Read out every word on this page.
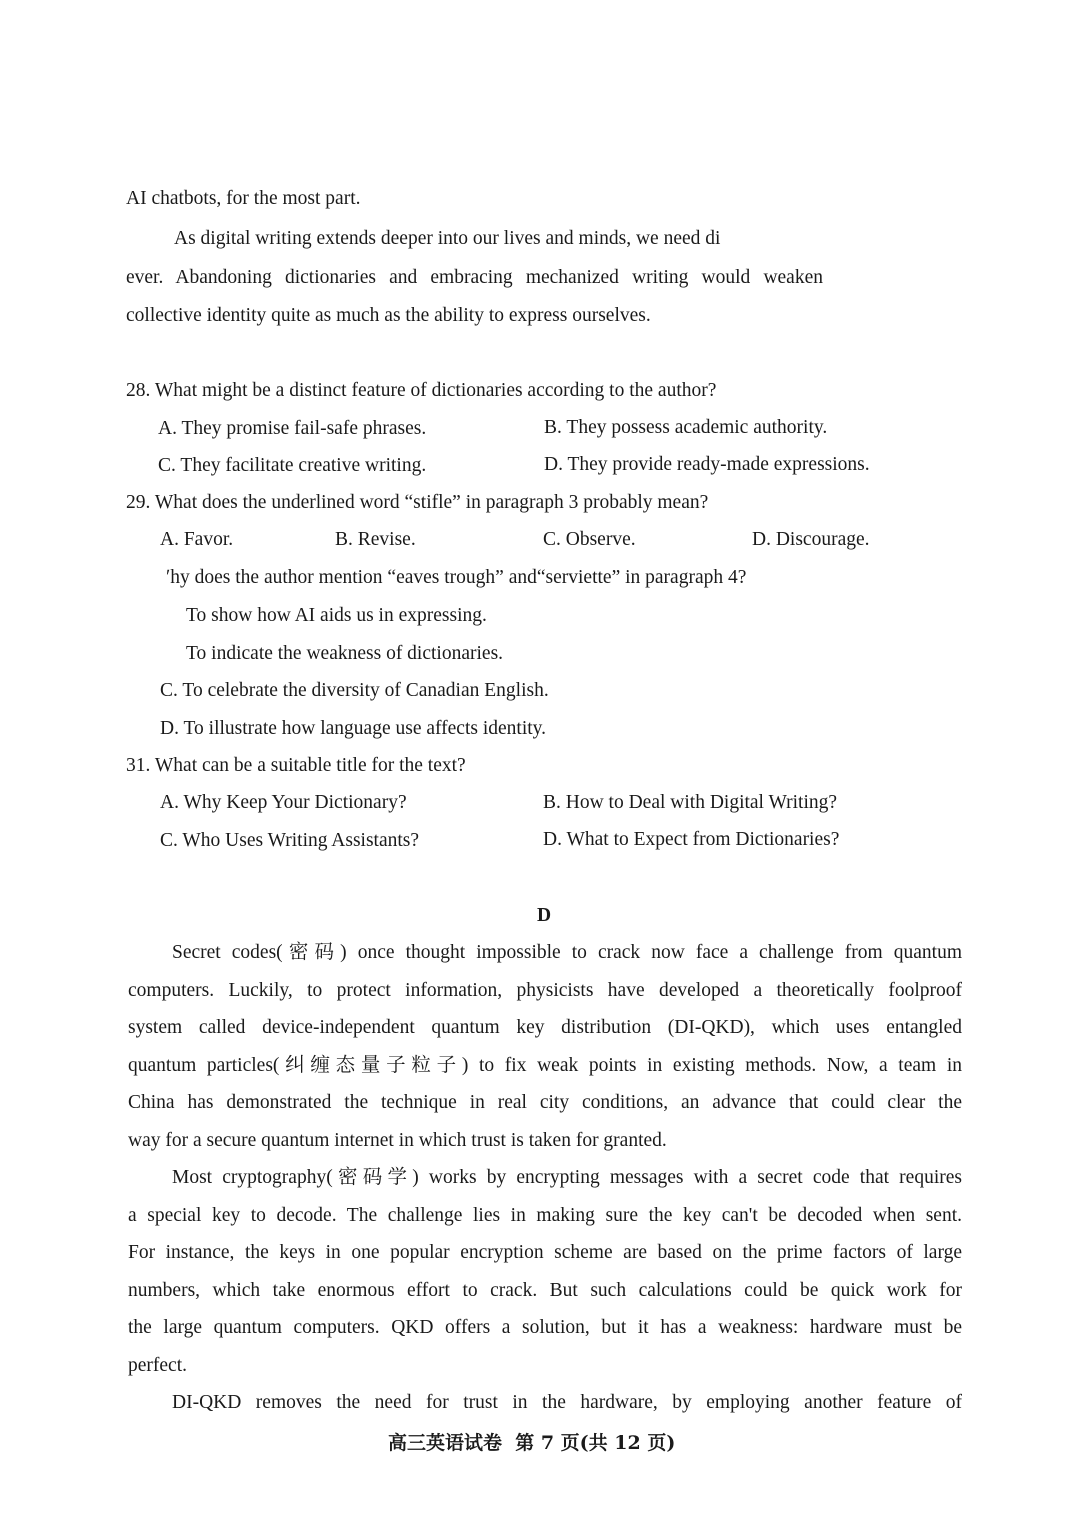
AI chatbots, for the most part.
As digital writing extends deeper into our lives and minds, we need di
ever. Abandoning dictionaries and embracing mechanized writing would weaken
collective identity quite as much as the ability to express ourselves.
28. What might be a distinct feature of dictionaries according to the author?
A. They promise fail-safe phrases.	B. They possess academic authority.
C. They facilitate creative writing.	D. They provide ready-made expressions.
29. What does the underlined word “stifle” in paragraph 3 probably mean?
A. Favor.	B. Revise.	C. Observe.	D. Discourage.
ʹhy does the author mention “eaves trough” and“serviette” in paragraph 4?
To show how AI aids us in expressing.
To indicate the weakness of dictionaries.
C. To celebrate the diversity of Canadian English.
D. To illustrate how language use affects identity.
31. What can be a suitable title for the text?
A. Why Keep Your Dictionary?	B. How to Deal with Digital Writing?
C. Who Uses Writing Assistants?	D. What to Expect from Dictionaries?
D
Secret codes(密码) once thought impossible to crack now face a challenge from quantum
computers. Luckily, to protect information, physicists have developed a theoretically foolproof
system called device-independent quantum key distribution (DI-QKD), which uses entangled
quantum particles(纠缠态量子粒子) to fix weak points in existing methods. Now, a team in
China has demonstrated the technique in real city conditions, an advance that could clear the
way for a secure quantum internet in which trust is taken for granted.
Most cryptography(密码学) works by encrypting messages with a secret code that requires
a special key to decode. The challenge lies in making sure the key can't be decoded when sent.
For instance, the keys in one popular encryption scheme are based on the prime factors of large
numbers, which take enormous effort to crack. But such calculations could be quick work for
the large quantum computers. QKD offers a solution, but it has a weakness: hardware must be
perfect.
DI-QKD removes the need for trust in the hardware, by employing another feature of
高三英语试卷  第 7 页(共 12 页)
